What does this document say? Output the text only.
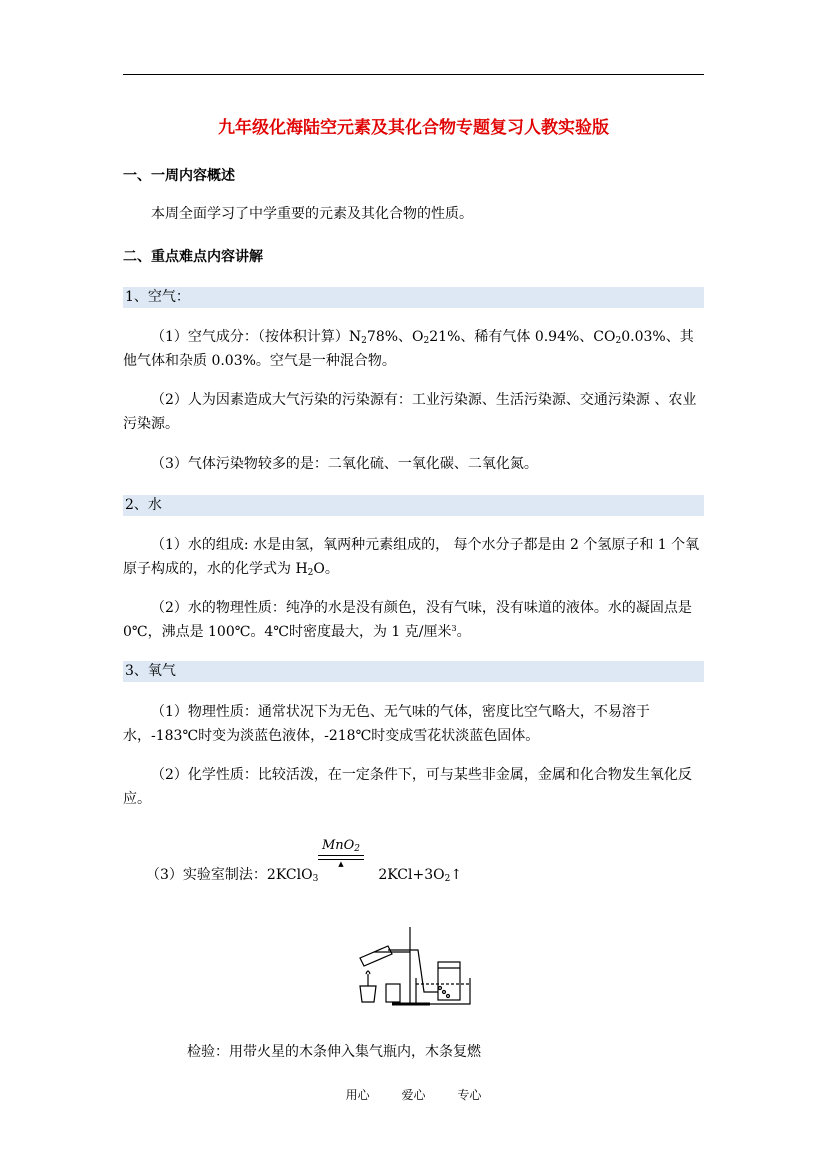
九年级化海陆空元素及其化合物专题复习人教实验版
一、一周内容概述
本周全面学习了中学重要的元素及其化合物的性质。
二、重点难点内容讲解
1、空气：
（1）空气成分：（按体积计算）$N_278\%$、$O_221\%$、稀有气体 0.94%、$CO_20.03\%$、其他气体和杂质 0.03%。空气是一种混合物。
（2）人为因素造成大气污染的污染源有：工业污染源、生活污染源、交通污染源 、农业污染源。
（3）气体污染物较多的是：二氧化硫、一氧化碳、二氧化氮。
2、水
（1）水的组成: 水是由氢，氧两种元素组成的， 每个水分子都是由 2 个氢原子和 1 个氧原子构成的，水的化学式为 $H_2O$。
（2）水的物理性质：纯净的水是没有颜色，没有气味，没有味道的液体。水的凝固点是 0℃，沸点是 100℃。4℃时密度最大，为 1 克/厘米$^3$。
3、氧气
（1）物理性质：通常状况下为无色、无气味的气体，密度比空气略大，不易溶于水，-183℃时变为淡蓝色液体，-218℃时变成雪花状淡蓝色固体。
（2）化学性质：比较活泼，在一定条件下，可与某些非金属，金属和化合物发生氧化反应。
（3）实验室制法：2KClO$_3$	$2KCl+3O_2↑$
MnO$_2$
▲
检验：用带火星的木条伸入集气瓶内，木条复燃
用心	爱心	专心
